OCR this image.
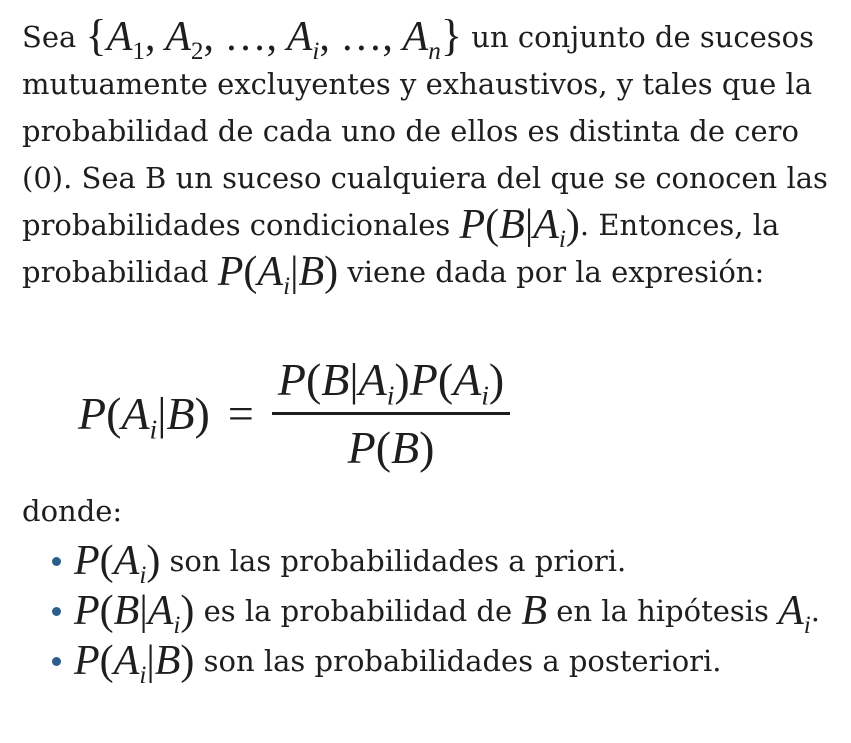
Sea {$A_1$, $A_2$, …, $A_i$, …, $A_n$} un conjunto de sucesos mutuamente excluyentes y exhaustivos, y tales que la probabilidad de cada uno de ellos es distinta de cero (0). Sea B un suceso cualquiera del que se conocen las probabilidades condicionales $P(B|A_i)$. Entonces, la probabilidad $P(A_i|B)$ viene dada por la expresión:

$P(A_i|B) = \frac{P(B|A_i)P(A_i)}{P(B)}$

donde:

$P(A_i)$ son las probabilidades a priori.
$P(B|A_i)$ es la probabilidad de B en la hipótesis $A_i$.
$P(A_i|B)$ son las probabilidades a posteriori.
